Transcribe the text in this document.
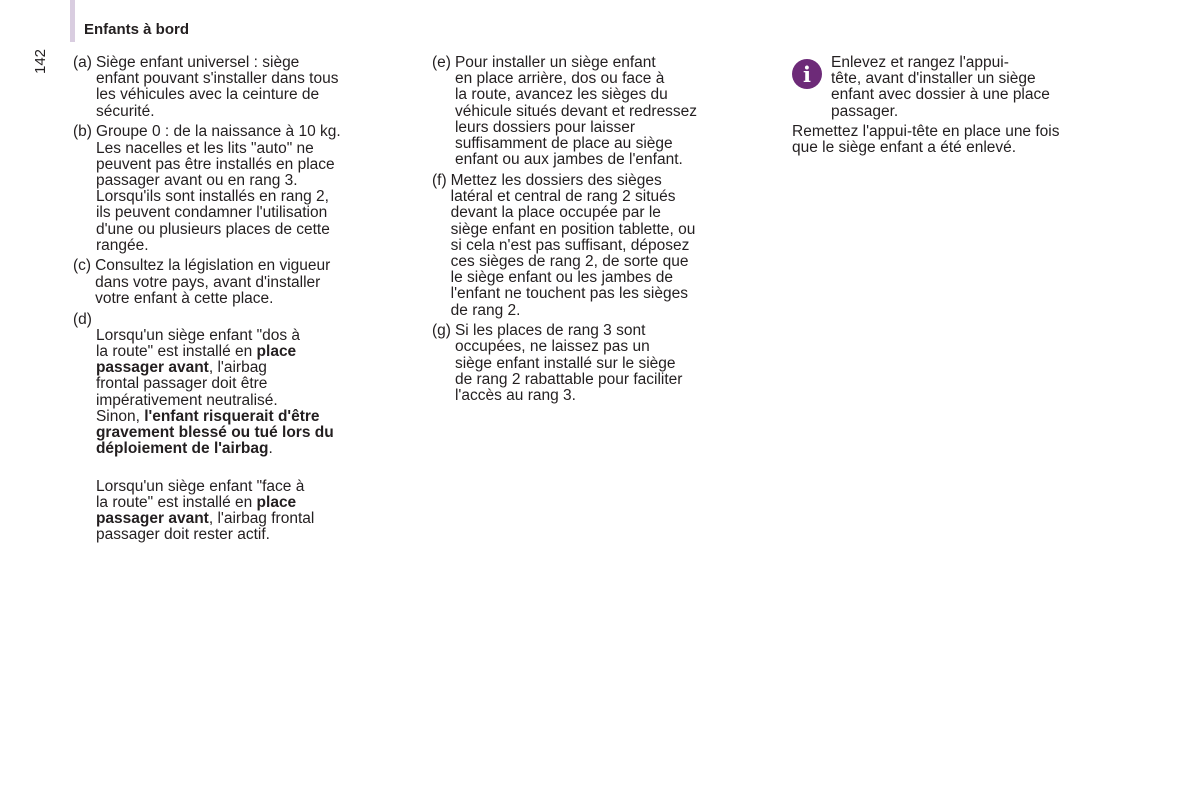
Enfants à bord
142 (a) Siège enfant universel : siège
enfant pouvant s'installer dans tous
les véhicules avec la ceinture de
sécurité.
(b) Groupe 0 : de la naissance à 10 kg.
Les nacelles et les lits "auto" ne
peuvent pas être installés en place
passager avant ou en rang 3.
Lorsqu'ils sont installés en rang 2,
ils peuvent condamner l'utilisation
d'une ou plusieurs places de cette
rangée.
(c) Consultez la législation en vigueur
dans votre pays, avant d'installer
votre enfant à cette place.
(d)

Lorsqu'un siège enfant "dos à
la route" est installé en place
passager avant, l'airbag
frontal passager doit être
impérativement neutralisé.
Sinon, l'enfant risquerait d'être
gravement blessé ou tué lors du
déploiement de l'airbag.

Lorsqu'un siège enfant "face à
la route" est installé en place
passager avant, l'airbag frontal
passager doit rester actif.

(e) Pour installer un siège enfant
en place arrière, dos ou face à
la route, avancez les sièges du
véhicule situés devant et redressez
leurs dossiers pour laisser
suffisamment de place au siège
enfant ou aux jambes de l'enfant.
(f) Mettez les dossiers des sièges
latéral et central de rang 2 situés
devant la place occupée par le
siège enfant en position tablette, ou
si cela n'est pas suffisant, déposez
ces sièges de rang 2, de sorte que
le siège enfant ou les jambes de
l'enfant ne touchent pas les sièges
de rang 2.
(g) Si les places de rang 3 sont
occupées, ne laissez pas un
siège enfant installé sur le siège
de rang 2 rabattable pour faciliter
l'accès au rang 3.
i Enlevez et rangez l'appui-
tête, avant d'installer un siège
enfant avec dossier à une place
passager.
Remettez l'appui-tête en place une fois
que le siège enfant a été enlevé.
